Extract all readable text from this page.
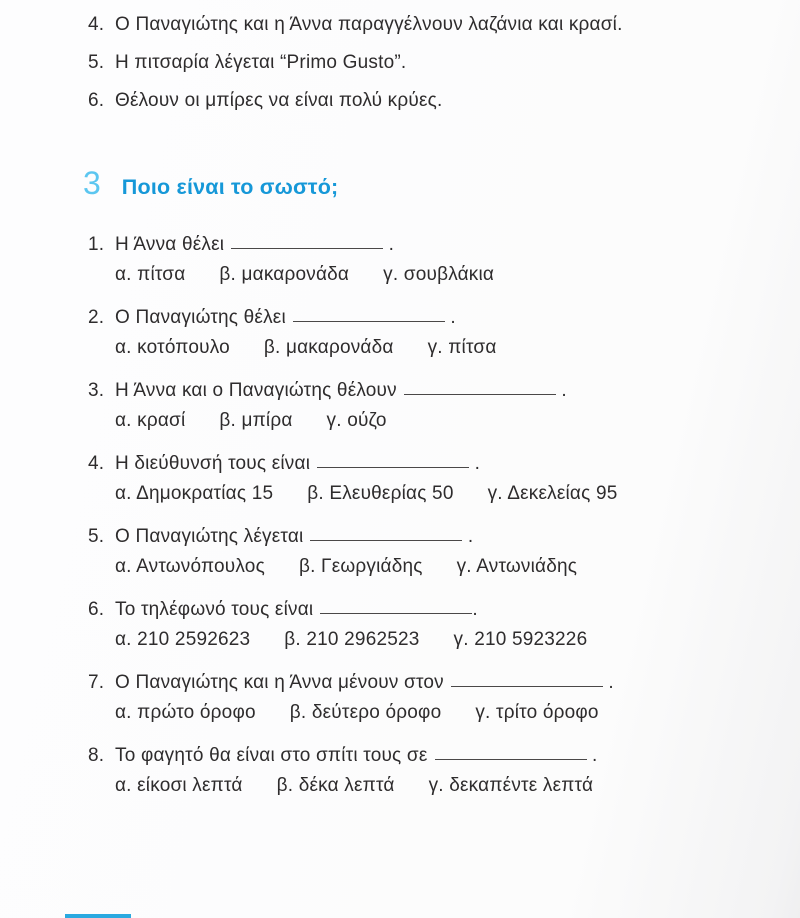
4. Ο Παναγιώτης και η Άννα παραγγέλνουν λαζάνια και κρασί.
5. Η πιτσαρία λέγεται “Primo Gusto”.
6. Θέλουν οι μπίρες να είναι πολύ κρύες.
3 Ποιο είναι το σωστό;
1. Η Άννα θέλει	.
α. πίτσα β. μακαρονάδα γ. σουβλάκια
2. Ο Παναγιώτης θέλει	.
α. κοτόπουλο β. μακαρονάδα γ. πίτσα
3. Η Άννα και ο Παναγιώτης θέλουν	.
α. κρασί β. μπίρα γ. ούζο
4. Η διεύθυνσή τους είναι	.
α. Δημοκρατίας 15 β. Ελευθερίας 50 γ. Δεκελείας 95
5. Ο Παναγιώτης λέγεται	.
α. Αντωνόπουλος β. Γεωργιάδης γ. Αντωνιάδης
6. Το τηλέφωνό τους είναι	.
α. 210 2592623 β. 210 2962523 γ. 210 5923226
7. Ο Παναγιώτης και η Άννα μένουν στον	.
α. πρώτο όροφο β. δεύτερο όροφο γ. τρίτο όροφο
8. Το φαγητό θα είναι στο σπίτι τους σε	.
α. είκοσι λεπτά β. δέκα λεπτά γ. δεκαπέντε λεπτά
